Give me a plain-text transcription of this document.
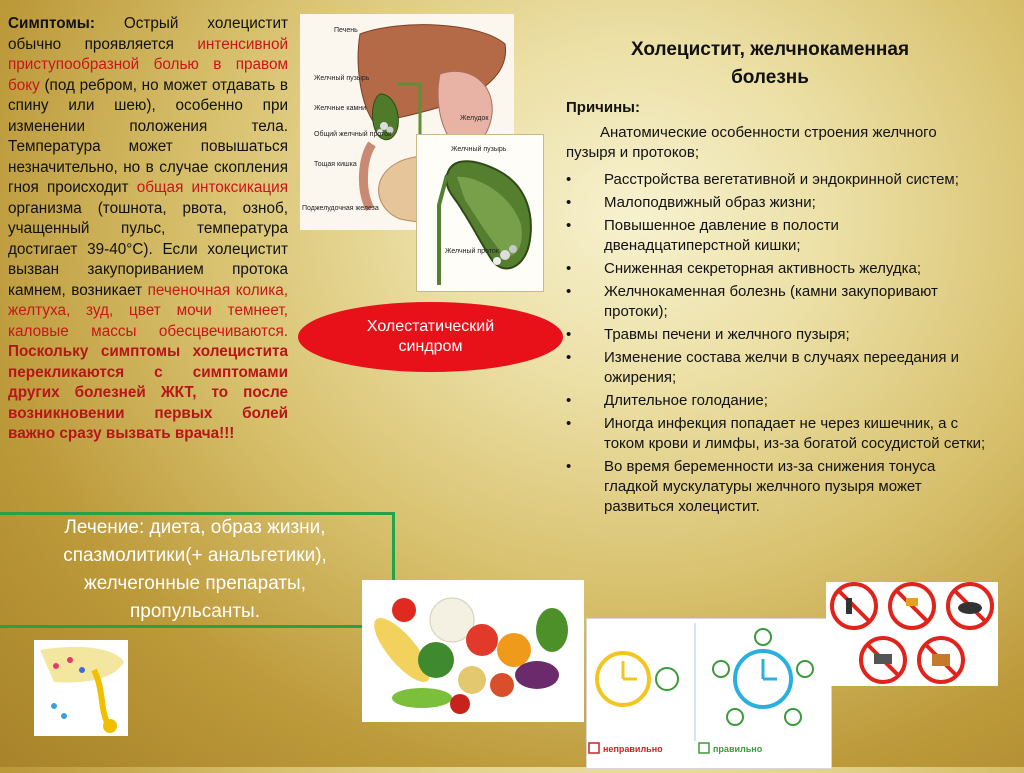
Симптомы: Острый холецистит обычно проявляется интенсивной приступообразной болью в правом боку (под ребром, но может отдавать в спину или шею), особенно при изменении положения тела. Температура может повышаться незначительно, но в случае скопления гноя происходит общая интоксикация организма (тошнота, рвота, озноб, учащенный пульс, температура достигает 39-40°С). Если холецистит вызван закупориванием протока камнем, возникает печеночная колика, желтуха, зуд, цвет мочи темнеет, каловые массы обесцвечиваются. Поскольку симптомы холецистита перекликаются с симптомами других болезней ЖКТ, то после возникновении первых болей важно сразу вызвать врача!!!
Печень
Желчный пузырь
Желчные камни
Общий желчный проток
Тощая кишка
Поджелудочная железа
Желудок
Желчный пузырь
Желчный проток
Холестатический синдром
Лечение: диета, образ жизни,
спазмолитики(+ анальгетики),
желчегонные препараты,
пропульсанты.
Холецистит, желчнокаменная
болезнь
Причины:
Анатомические особенности строения желчного пузыря и протоков;
• Расстройства вегетативной и эндокринной систем;
• Малоподвижный образ жизни;
• Повышенное давление в полости двенадцатиперстной кишки;
• Сниженная секреторная активность желудка;
• Желчнокаменная болезнь (камни закупоривают протоки);
• Травмы печени и желчного пузыря;
• Изменение состава желчи в случаях переедания и ожирения;
• Длительное голодание;
• Иногда инфекция попадает не через кишечник, а с током крови и лимфы, из-за богатой сосудистой сетки;
• Во время беременности из-за снижения тонуса гладкой мускулатуры желчного пузыря может развиться холецистит.
неправильно	правильно
